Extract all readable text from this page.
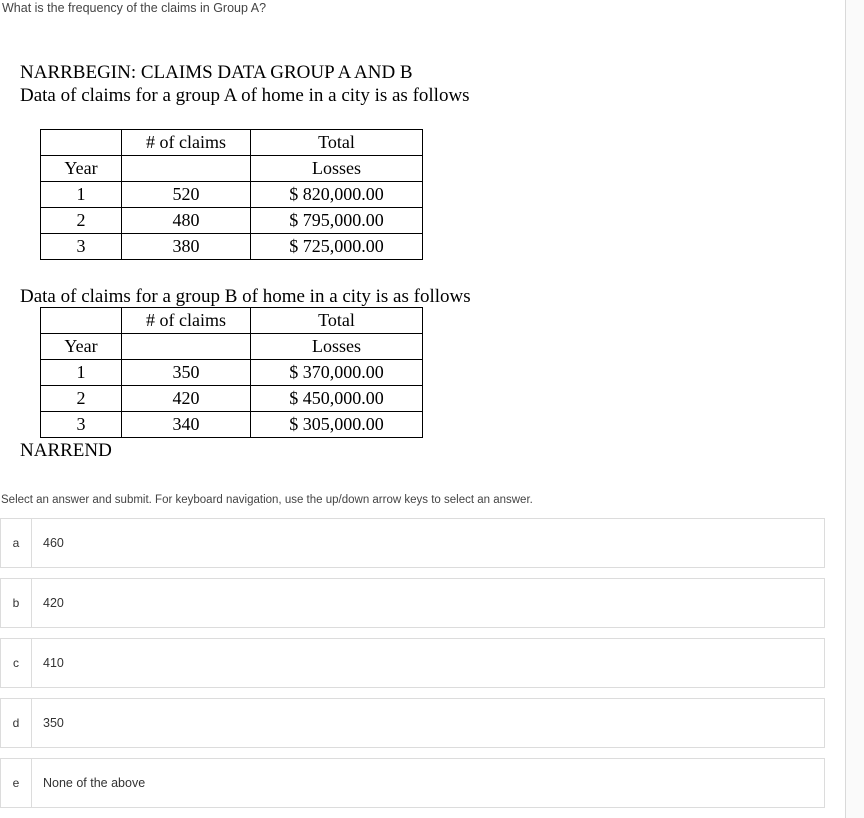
What is the frequency of the claims in Group A?
NARRBEGIN: CLAIMS DATA GROUP A AND B
Data of claims for a group A of home in a city is as follows
	# of claims	Total
Year		Losses
1	520	$ 820,000.00
2	480	$ 795,000.00
3	380	$ 725,000.00
Data of claims for a group B of home in a city is as follows
	# of claims	Total
Year		Losses
1	350	$ 370,000.00
2	420	$ 450,000.00
3	340	$ 305,000.00
NARREND
Select an answer and submit. For keyboard navigation, use the up/down arrow keys to select an answer.
a	460
b	420
c	410
d	350
e	None of the above
